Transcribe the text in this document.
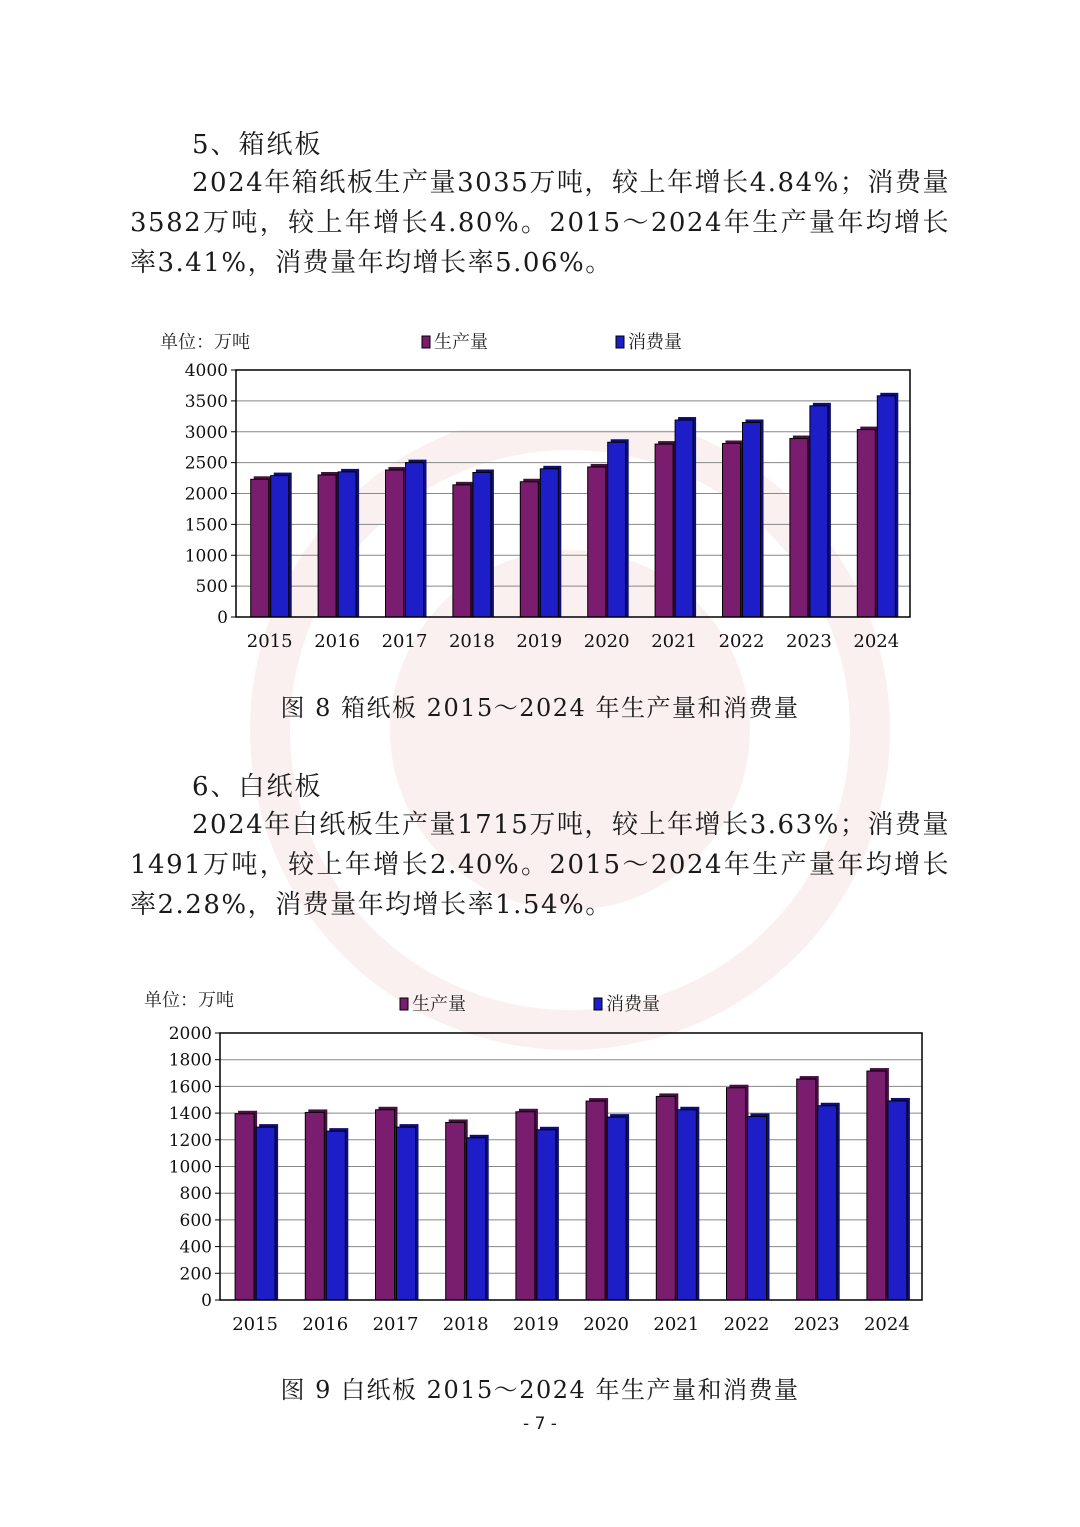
5、箱纸板

2024年箱纸板生产量3035万吨，较上年增长4.84%；消费量3582万吨，较上年增长4.80%。2015～2024年生产量年均增长率3.41%，消费量年均增长率5.06%。

单位：万吨	生产量	消费量
0
500
1000
1500
2000
2500
3000
3500
4000
2015 2016 2017 2018 2019 2020 2021 2022 2023 2024
图 8 箱纸板 2015～2024 年生产量和消费量
6、白纸板

2024年白纸板生产量1715万吨，较上年增长3.63%；消费量1491万吨，较上年增长2.40%。2015～2024年生产量年均增长率2.28%，消费量年均增长率1.54%。

单位：万吨	生产量	消费量
0
200
400
600
800
1000
1200
1400
1600
1800
2000
2015 2016 2017 2018 2019 2020 2021 2022 2023 2024
图 9 白纸板 2015～2024 年生产量和消费量
- 7 -
